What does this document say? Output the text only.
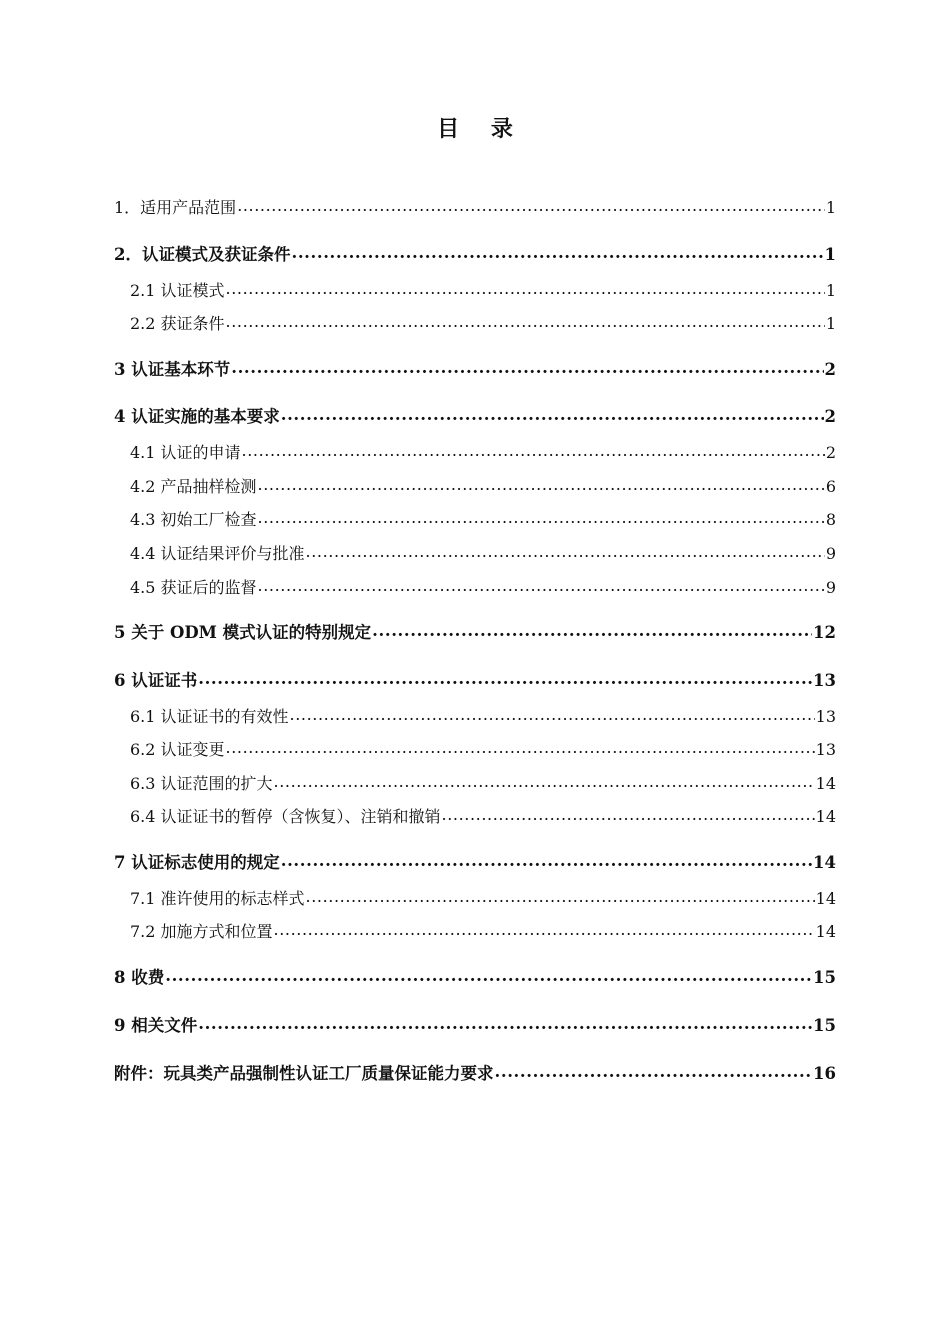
目 录
1．适用产品范围 .....	1
2．认证模式及获证条件 .....	1
2.1 认证模式 .....	1
2.2 获证条件 .....	1
3 认证基本环节 .....	2
4 认证实施的基本要求 .....	2
4.1 认证的申请 .....	2
4.2 产品抽样检测 .....	6
4.3 初始工厂检查 .....	8
4.4 认证结果评价与批准 .....	9
4.5 获证后的监督 .....	9
5 关于 ODM 模式认证的特别规定 .....	12
6 认证证书 .....	13
6.1 认证证书的有效性 .....	13
6.2 认证变更 .....	13
6.3 认证范围的扩大 .....	14
6.4 认证证书的暂停（含恢复）、注销和撤销 .....	14
7 认证标志使用的规定 .....	14
7.1 准许使用的标志样式 .....	14
7.2 加施方式和位置 .....	14
8 收费 .....	15
9 相关文件 .....	15
附件：玩具类产品强制性认证工厂质量保证能力要求 .....	16
